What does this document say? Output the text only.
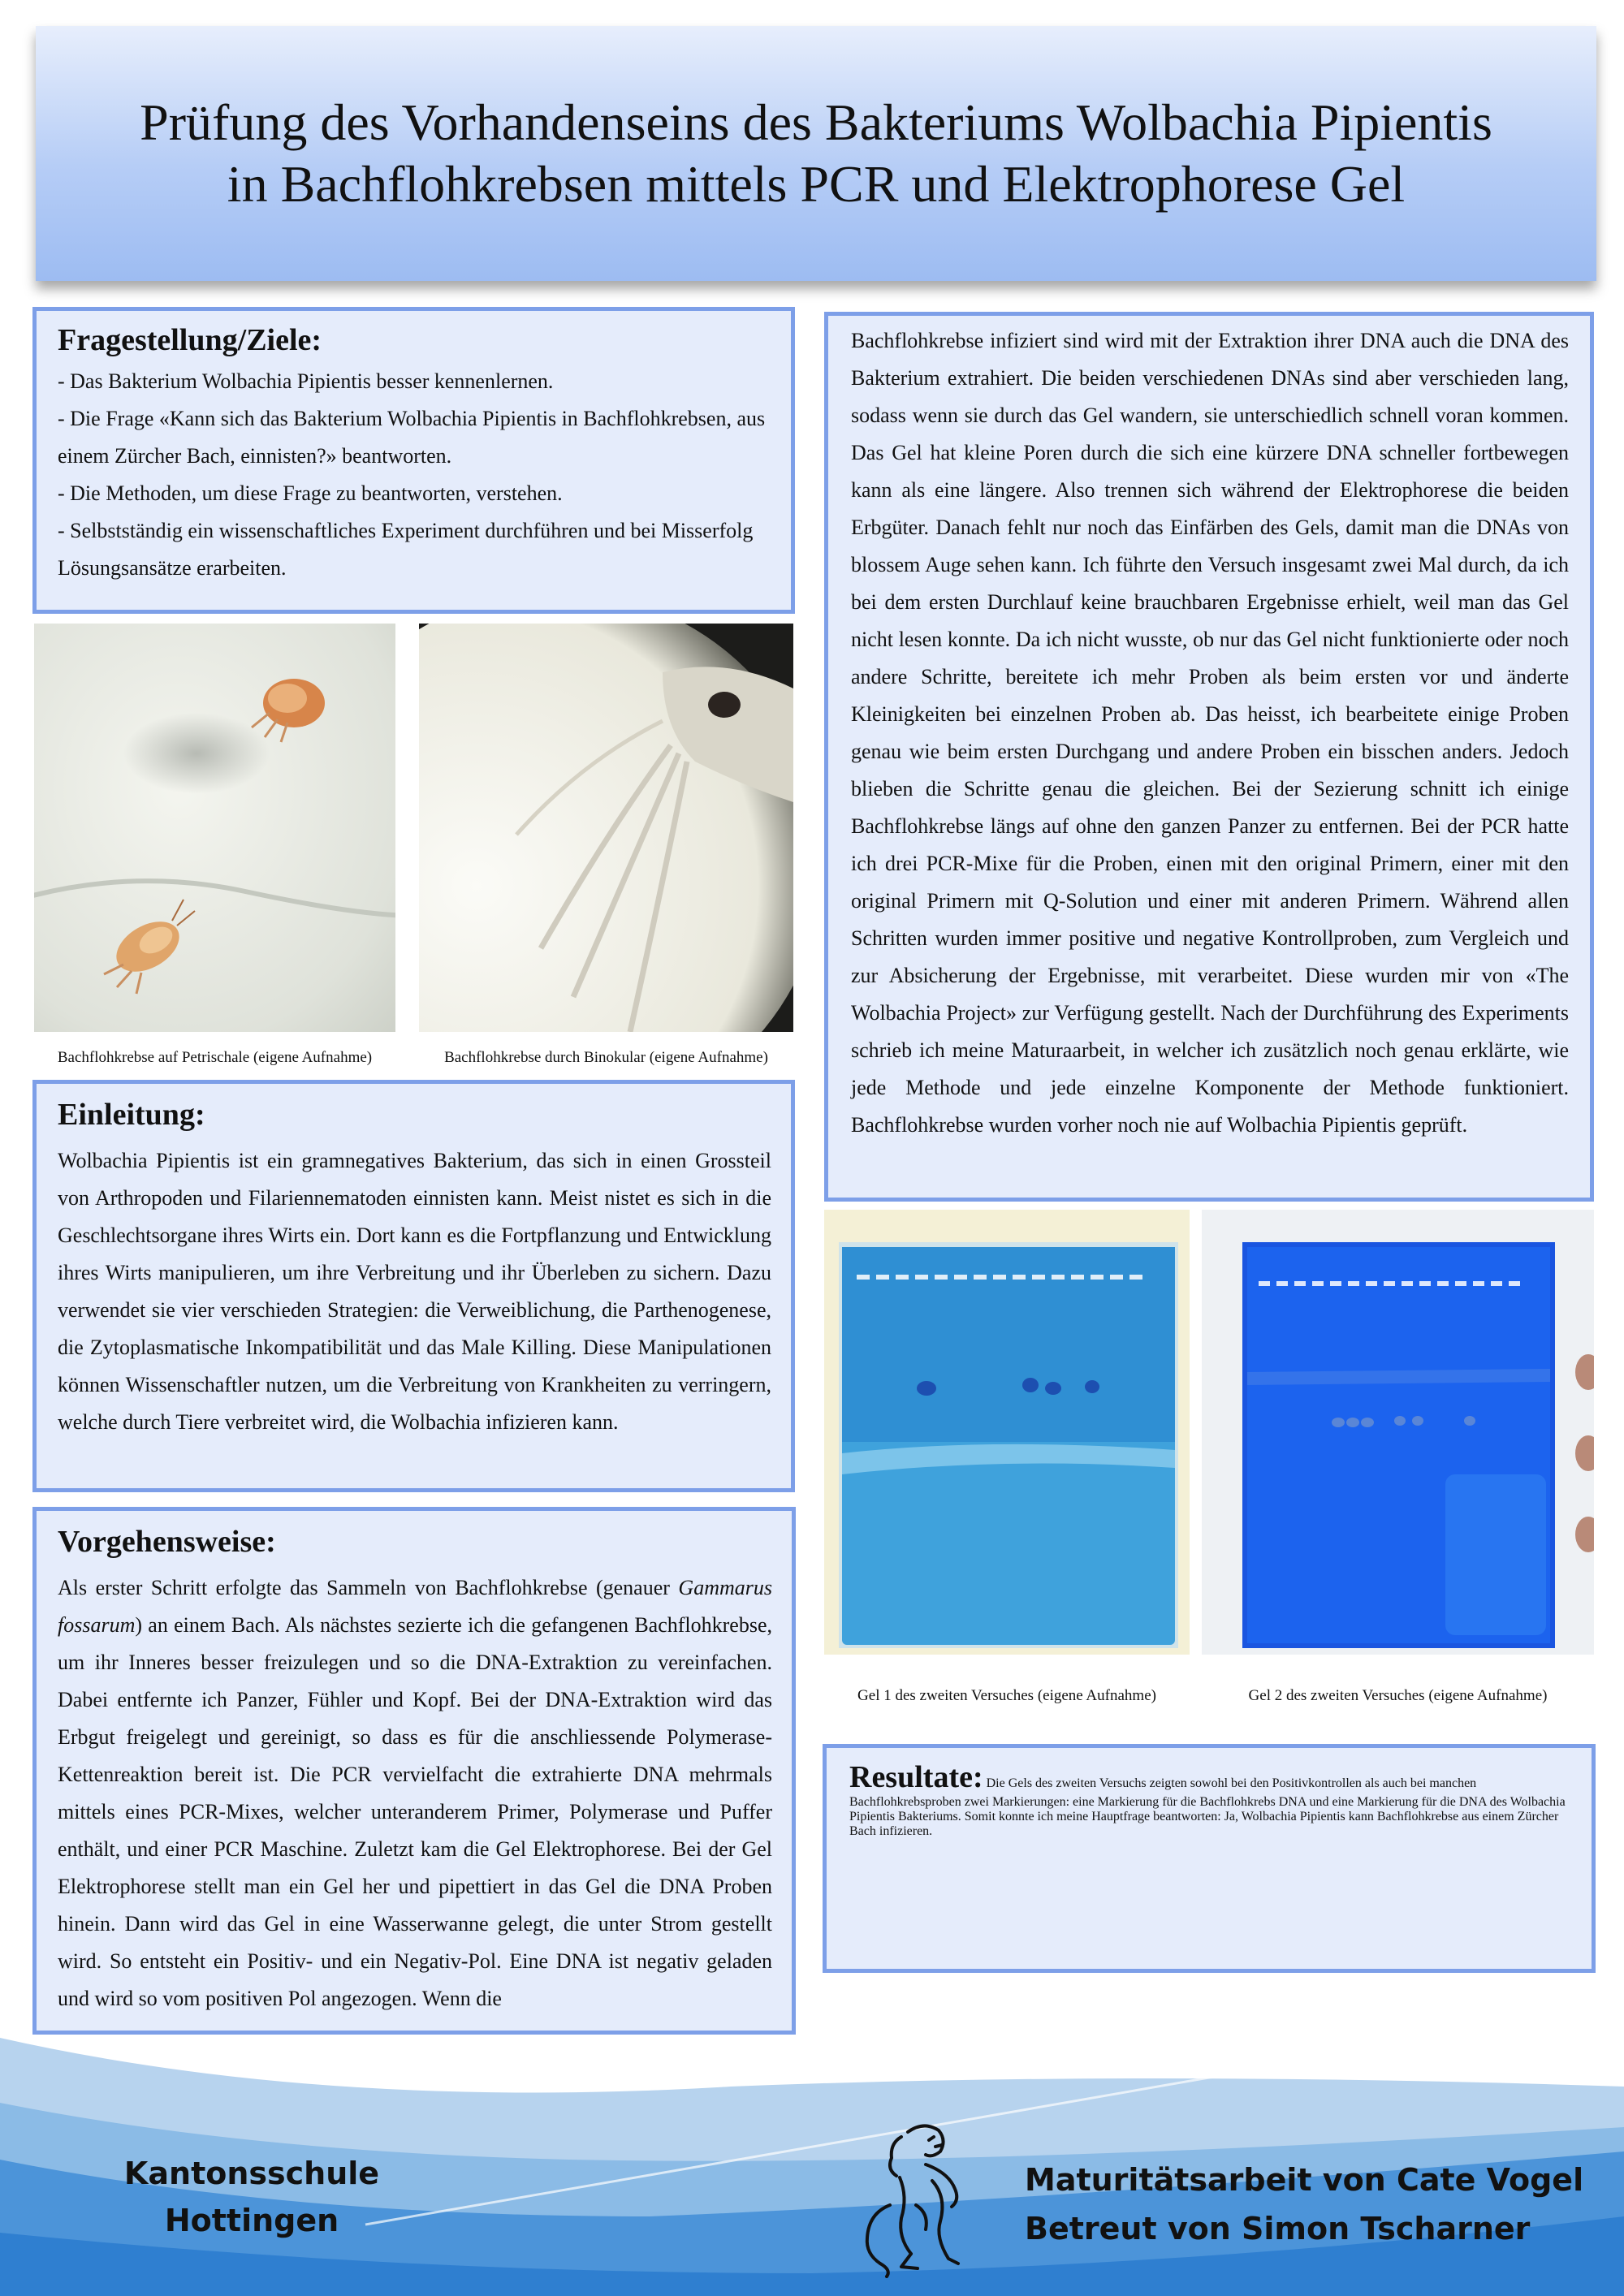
Prüfung des Vorhandenseins des Bakteriums Wolbachia Pipientis in Bachflohkrebsen mittels PCR und Elektrophorese Gel
Fragestellung/Ziele:

- Das Bakterium Wolbachia Pipientis besser kennenlernen.

- Die Frage «Kann sich das Bakterium Wolbachia Pipientis in Bachflohkrebsen, aus einem Zürcher Bach, einnisten?» beantworten.

- Die Methoden, um diese Frage zu beantworten, verstehen.

- Selbstständig ein wissenschaftliches Experiment durchführen und bei Misserfolg Lösungsansätze erarbeiten.

Bachflohkrebse auf Petrischale (eigene Aufnahme)	Bachflohkrebse durch Binokular (eigene Aufnahme)
Einleitung:

Wolbachia Pipientis ist ein gramnegatives Bakterium, das sich in einen Grossteil von Arthropoden und Filariennematoden einnisten kann. Meist nistet es sich in die Geschlechtsorgane ihres Wirts ein. Dort kann es die Fortpflanzung und Entwicklung ihres Wirts manipulieren, um ihre Verbreitung und ihr Überleben zu sichern. Dazu verwendet sie vier verschieden Strategien: die Verweiblichung, die Parthenogenese, die Zytoplasmatische Inkompatibilität und das Male Killing. Diese Manipulationen können Wissenschaftler nutzen, um die Verbreitung von Krankheiten zu verringern, welche durch Tiere verbreitet wird, die Wolbachia infizieren kann.

Vorgehensweise:

Als erster Schritt erfolgte das Sammeln von Bachflohkrebse (genauer Gammarus fossarum) an einem Bach. Als nächstes sezierte ich die gefangenen Bachflohkrebse, um ihr Inneres besser freizulegen und so die DNA-Extraktion zu vereinfachen. Dabei entfernte ich Panzer, Fühler und Kopf. Bei der DNA-Extraktion wird das Erbgut freigelegt und gereinigt, so dass es für die anschliessende Polymerase-Kettenreaktion bereit ist. Die PCR vervielfacht die extrahierte DNA mehrmals mittels eines PCR-Mixes, welcher unteranderem Primer, Polymerase und Puffer enthält, und einer PCR Maschine. Zuletzt kam die Gel Elektrophorese. Bei der Gel Elektrophorese stellt man ein Gel her und pipettiert in das Gel die DNA Proben hinein. Dann wird das Gel in eine Wasserwanne gelegt, die unter Strom gestellt wird. So entsteht ein Positiv- und ein Negativ-Pol. Eine DNA ist negativ geladen und wird so vom positiven Pol angezogen. Wenn die

Bachflohkrebse infiziert sind wird mit der Extraktion ihrer DNA auch die DNA des Bakterium extrahiert. Die beiden verschiedenen DNAs sind aber verschieden lang, sodass wenn sie durch das Gel wandern, sie unterschiedlich schnell voran kommen. Das Gel hat kleine Poren durch die sich eine kürzere DNA schneller fortbewegen kann als eine längere. Also trennen sich während der Elektrophorese die beiden Erbgüter. Danach fehlt nur noch das Einfärben des Gels, damit man die DNAs von blossem Auge sehen kann. Ich führte den Versuch insgesamt zwei Mal durch, da ich bei dem ersten Durchlauf keine brauchbaren Ergebnisse erhielt, weil man das Gel nicht lesen konnte. Da ich nicht wusste, ob nur das Gel nicht funktionierte oder noch andere Schritte, bereitete ich mehr Proben als beim ersten vor und änderte Kleinigkeiten bei einzelnen Proben ab. Das heisst, ich bearbeitete einige Proben genau wie beim ersten Durchgang und andere Proben ein bisschen anders. Jedoch blieben die Schritte genau die gleichen. Bei der Sezierung schnitt ich einige Bachflohkrebse längs auf ohne den ganzen Panzer zu entfernen. Bei der PCR hatte ich drei PCR-Mixe für die Proben, einen mit den original Primern, einer mit den original Primern mit Q-Solution und einer mit anderen Primern. Während allen Schritten wurden immer positive und negative Kontrollproben, zum Vergleich und zur Absicherung der Ergebnisse, mit verarbeitet. Diese wurden mir von «The Wolbachia Project» zur Verfügung gestellt. Nach der Durchführung des Experiments schrieb ich meine Maturaarbeit, in welcher ich zusätzlich noch genau erklärte, wie jede Methode und jede einzelne Komponente der Methode funktioniert. Bachflohkrebse wurden vorher noch nie auf Wolbachia Pipientis geprüft.

Gel 1 des zweiten Versuches (eigene Aufnahme)	Gel 2 des zweiten Versuches (eigene Aufnahme)

Resultate: Die Gels des zweiten Versuchs zeigten sowohl bei den Positivkontrollen als auch bei manchen Bachflohkrebsproben zwei Markierungen: eine Markierung für die Bachflohkrebs DNA und eine Markierung für die DNA des Wolbachia Pipientis Bakteriums. Somit konnte ich meine Hauptfrage beantworten: Ja, Wolbachia Pipientis kann Bachflohkrebse aus einem Zürcher Bach infizieren.

Kantonsschule
Hottingen
Maturitätsarbeit von Cate Vogel
Betreut von Simon Tscharner
